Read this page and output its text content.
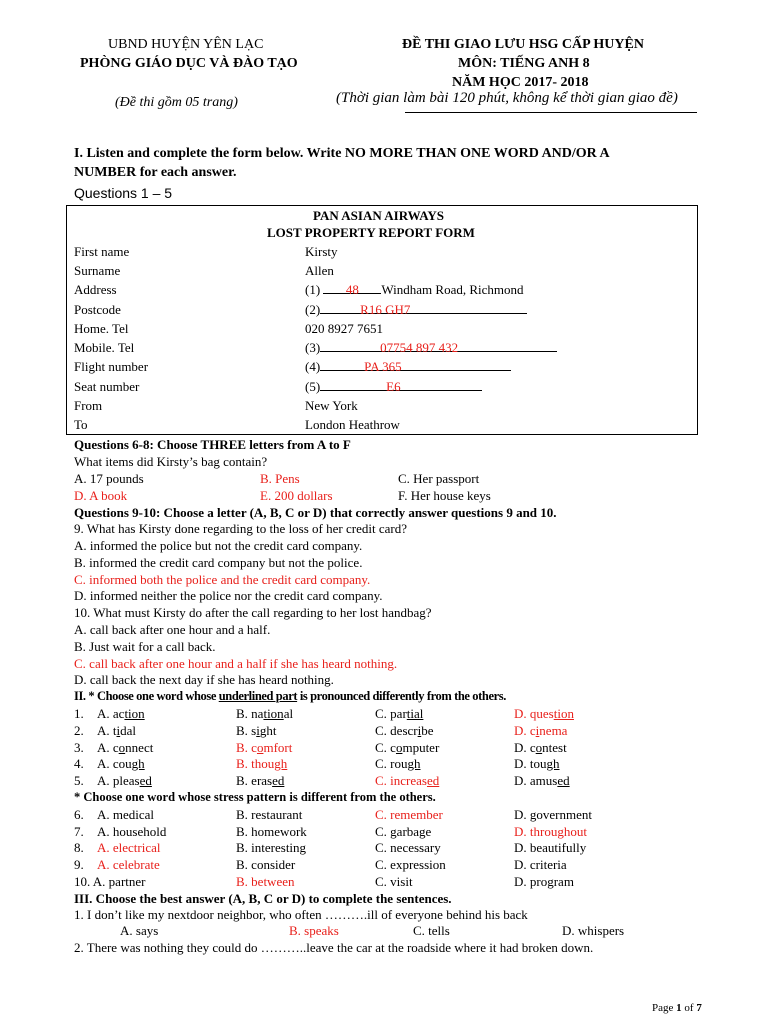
UBND HUYỆN YÊN LẠC
PHÒNG GIÁO DỤC VÀ ĐÀO TẠO
(Đề thi gồm 05 trang)
ĐỀ THI GIAO LƯU HSG CẤP HUYỆN
MÔN: TIẾNG ANH 8
NĂM HỌC 2017- 2018
(Thời gian làm bài 120 phút, không kể thời gian giao đề)
I. Listen and complete the form below. Write NO MORE THAN ONE WORD AND/OR A
NUMBER for each answer.
Questions 1 – 5
PAN ASIAN AIRWAYS
LOST PROPERTY REPORT FORM
First name	Kirsty
Surname	Allen
Address	(1) 48 Windham Road, Richmond
Postcode	(2)	R16 GH7
Home. Tel	020 8927 7651
Mobile. Tel	(3)	07754 897 432
Flight number	(4)	PA 365
Seat number	(5)	E6
From	New York
To	London Heathrow
Questions 6-8: Choose THREE letters from A to F
What items did Kirsty’s bag contain?
A. 17 pounds	B. Pens	C. Her passport
D. A book	E. 200 dollars	F. Her house keys
Questions 9-10: Choose a letter (A, B, C or D) that correctly answer questions 9 and 10.
9. What has Kirsty done regarding to the loss of her credit card?
A. informed the police but not the credit card company.
B. informed the credit card company but not the police.
C. informed both the police and the credit card company.
D. informed neither the police nor the credit card company.
10. What must Kirsty do after the call regarding to her lost handbag?
A. call back after one hour and a half.
B. Just wait for a call back.
C. call back after one hour and a half if she has heard nothing.
D. call back the next day if she has heard nothing.
II. * Choose one word whose underlined part is pronounced differently from the others.
1. A. action	B. national	C. partial	D. question
2. A. tidal	B. sight	C. describe	D. cinema
3. A. connect	B. comfort	C. computer	D. contest
4. A. cough	B. though	C. rough	D. tough
5. A. pleased	B. erased	C. increased	D. amused
* Choose one word whose stress pattern is different from the others.
6. A. medical	B. restaurant	C. remember	D. government
7. A. household	B. homework	C. garbage	D. throughout
8. A. electrical	B. interesting	C. necessary	D. beautifully
9. A. celebrate	B. consider	C. expression	D. criteria
10. A. partner	B. between	C. visit	D. program
III. Choose the best answer (A, B, C or D) to complete the sentences.
1. I don’t like my nextdoor neighbor, who often ……….ill of everyone behind his back
A. says	B. speaks	C. tells	D. whispers
2. There was nothing they could do ………..leave the car at the roadside where it had broken down.
Page 1 of 7
